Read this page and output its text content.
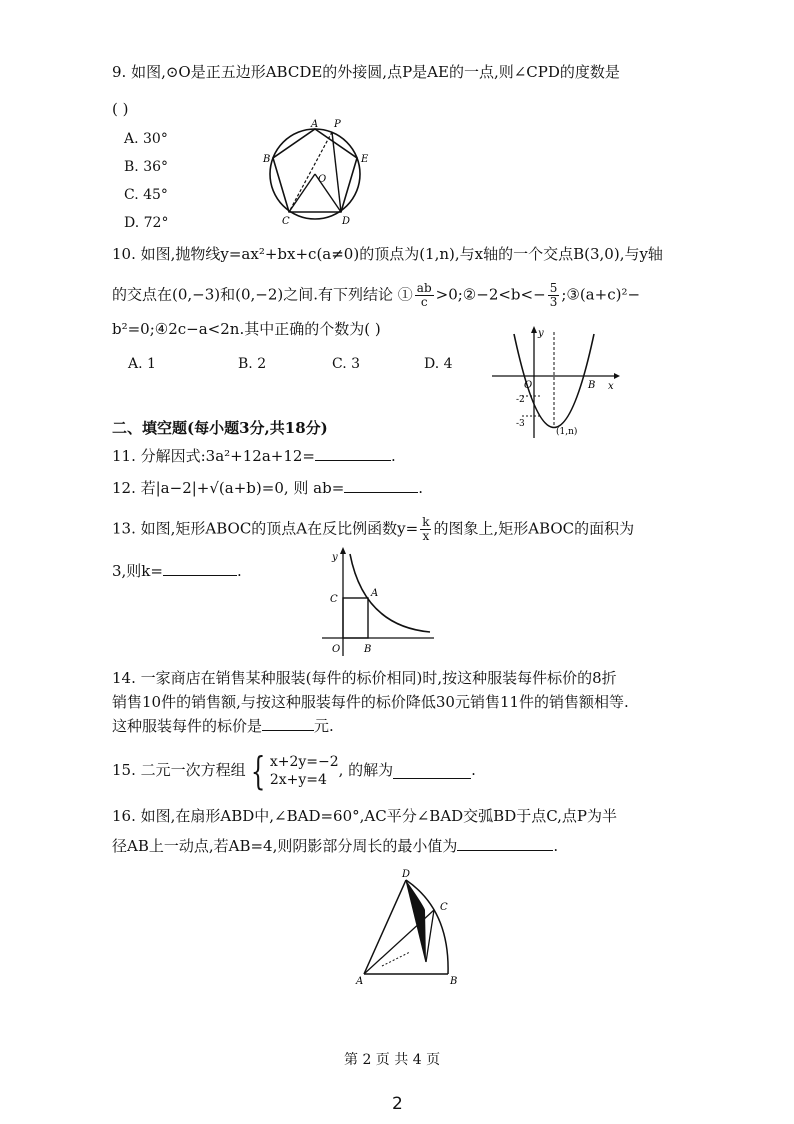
9. 如图,⊙O是正五边形ABCDE的外接圆,点P是AE的一点,则∠CPD的度数是
( )
A. 30°
B. 36°
C. 45°
D. 72°
A P
B	E
O
C	D
10. 如图,抛物线y=ax²+bx+c(a≠0)的顶点为(1,n),与x轴的一个交点B(3,0),与y轴
的交点在(0,−3)和(0,−2)之间.有下列结论 ① $\frac{ab}{c}$ >0;②−2<b<− $\frac{5}{3}$ ;③(a+c)²−
b²=0;④2c−a<2n.其中正确的个数为( )
A. 1	B. 2	C. 3	D. 4
y
x
O	B
-2
-3
(1,n)
二、填空题(每小题3分,共18分)
11. 分解因式:3a²+12a+12=	.
12. 若|a−2|+√(a+b)=0, 则 ab=	.
13. 如图,矩形ABOC的顶点A在反比例函数$y= \frac{k}{x}$ 的图象上,矩形ABOC的面积为
3,则k=	.
y
C
A
O B
14. 一家商店在销售某种服装(每件的标价相同)时,按这种服装每件标价的8折
销售10件的销售额,与按这种服装每件的标价降低30元销售11件的销售额相等.
这种服装每件的标价是	元.
15. 二元一次方程组 { x+2y=−2
2x+y=4
, 的解为	.
16. 如图,在扇形ABD中,∠BAD=60°,AC平分∠BAD交弧BD于点C,点P为半
径AB上一动点,若AB=4,则阴影部分周长的最小值为	.
D
C
A	B
第 2 页 共 4 页
2
